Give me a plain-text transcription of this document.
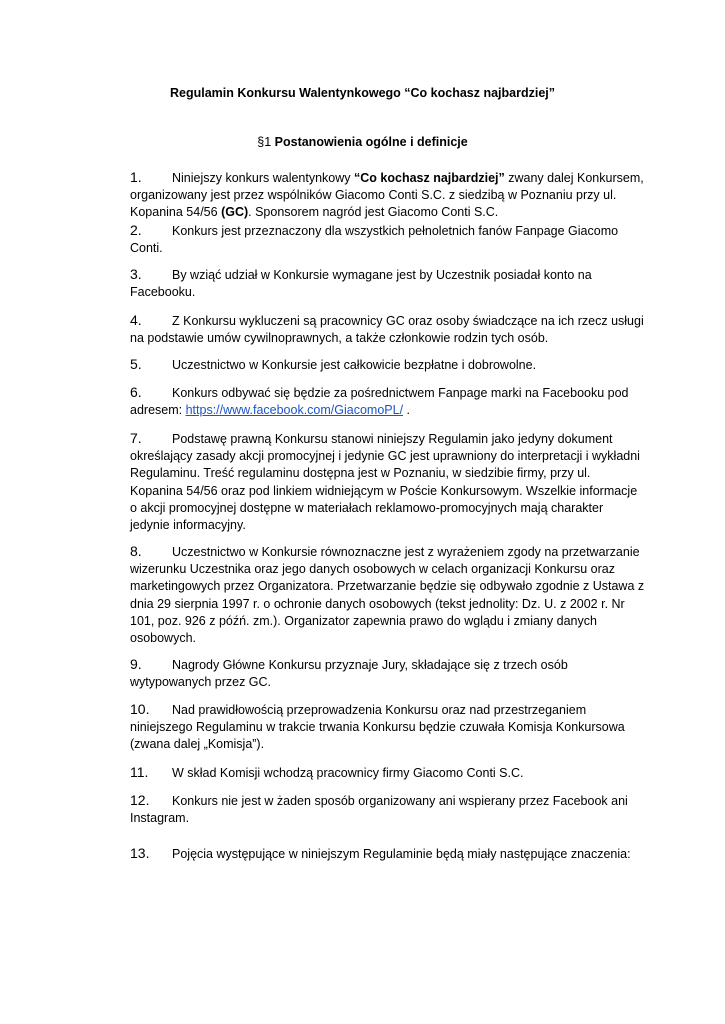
Regulamin Konkursu Walentynkowego “Co kochasz najbardziej”
§1 Postanowienia ogólne i definicje
1. Niniejszy konkurs walentynkowy “Co kochasz najbardziej” zwany dalej Konkursem, organizowany jest przez wspólników Giacomo Conti S.C. z siedzibą w Poznaniu przy ul. Kopanina 54/56 (GC). Sponsorem nagród jest Giacomo Conti S.C.
2. Konkurs jest przeznaczony dla wszystkich pełnoletnich fanów Fanpage Giacomo Conti.
3. By wziąć udział w Konkursie wymagane jest by Uczestnik posiadał konto na Facebooku.
4. Z Konkursu wykluczeni są pracownicy GC oraz osoby świadczące na ich rzecz usługi na podstawie umów cywilnoprawnych, a także członkowie rodzin tych osób.
5. Uczestnictwo w Konkursie jest całkowicie bezpłatne i dobrowolne.
6. Konkurs odbywać się będzie za pośrednictwem Fanpage marki na Facebooku pod adresem: https://www.facebook.com/GiacomoPL/ .
7. Podstawę prawną Konkursu stanowi niniejszy Regulamin jako jedyny dokument określający zasady akcji promocyjnej i jedynie GC jest uprawniony do interpretacji i wykładni Regulaminu. Treść regulaminu dostępna jest w Poznaniu, w siedzibie firmy, przy ul. Kopanina 54/56 oraz pod linkiem widniejącym w Poście Konkursowym. Wszelkie informacje o akcji promocyjnej dostępne w materiałach reklamowo-promocyjnych mają charakter jedynie informacyjny.
8. Uczestnictwo w Konkursie równoznaczne jest z wyrażeniem zgody na przetwarzanie wizerunku Uczestnika oraz jego danych osobowych w celach organizacji Konkursu oraz marketingowych przez Organizatora. Przetwarzanie będzie się odbywało zgodnie z Ustawa z dnia 29 sierpnia 1997 r. o ochronie danych osobowych (tekst jednolity: Dz. U. z 2002 r. Nr 101, poz. 926 z późń. zm.). Organizator zapewnia prawo do wglądu i zmiany danych osobowych.
9. Nagrody Główne Konkursu przyznaje Jury, składające się z trzech osób wytypowanych przez GC.
10. Nad prawidłowością przeprowadzenia Konkursu oraz nad przestrzeganiem niniejszego Regulaminu w trakcie trwania Konkursu będzie czuwała Komisja Konkursowa (zwana dalej „Komisja”).
11. W skład Komisji wchodzą pracownicy firmy Giacomo Conti S.C.
12. Konkurs nie jest w żaden sposób organizowany ani wspierany przez Facebook ani Instagram.
13. Pojęcia występujące w niniejszym Regulaminie będą miały następujące znaczenia:
